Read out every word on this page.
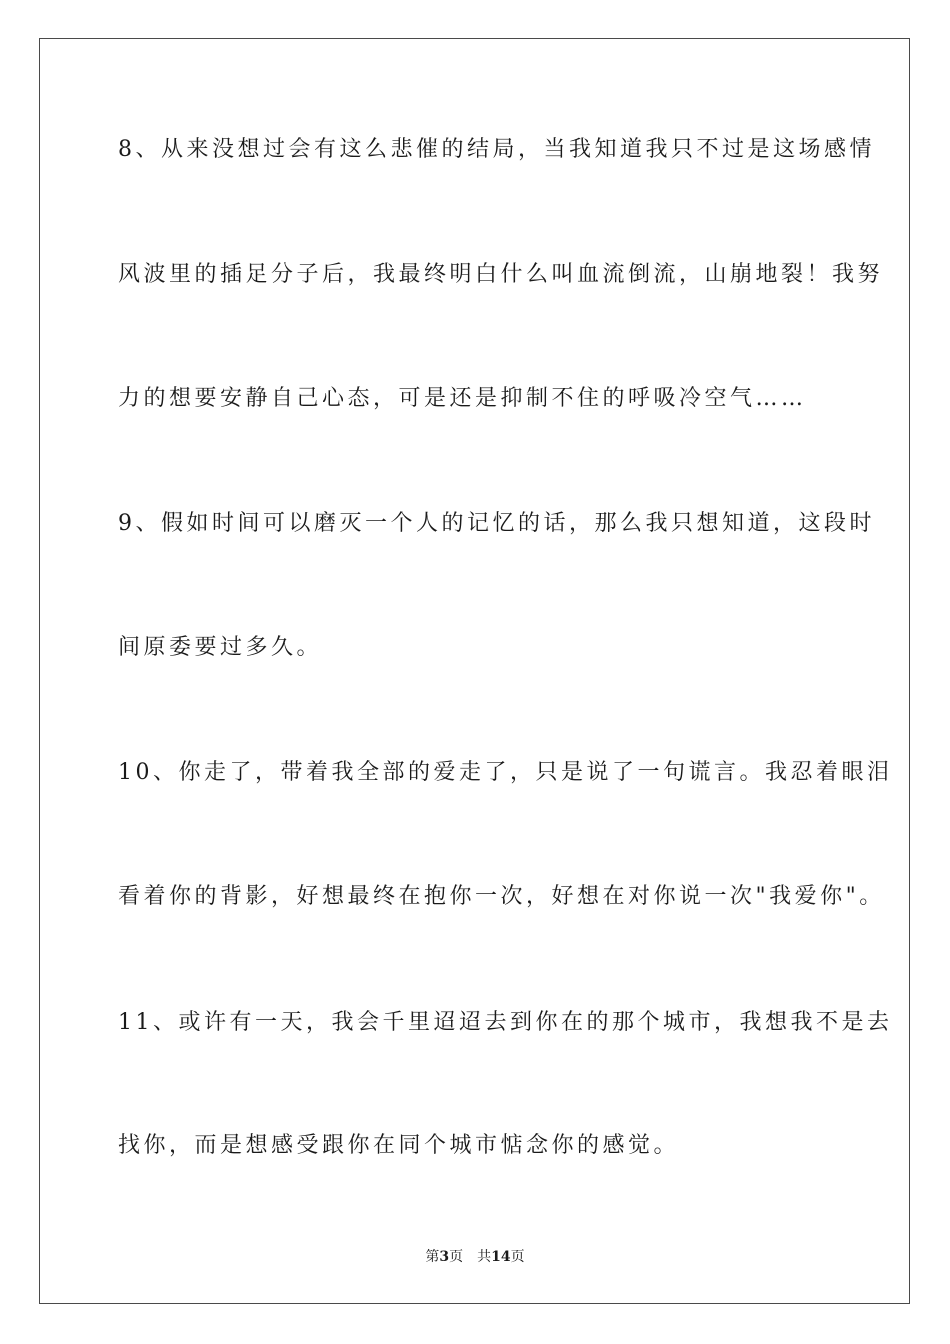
8、从来没想过会有这么悲催的结局，当我知道我只不过是这场感情
风波里的插足分子后，我最终明白什么叫血流倒流，山崩地裂！我努
力的想要安静自己心态，可是还是抑制不住的呼吸冷空气……
9、假如时间可以磨灭一个人的记忆的话，那么我只想知道，这段时
间原委要过多久。
10、你走了，带着我全部的爱走了，只是说了一句谎言。我忍着眼泪
看着你的背影，好想最终在抱你一次，好想在对你说一次"我爱你"。
11、或许有一天，我会千里迢迢去到你在的那个城市，我想我不是去
找你，而是想感受跟你在同个城市惦念你的感觉。
第3页 共14页
